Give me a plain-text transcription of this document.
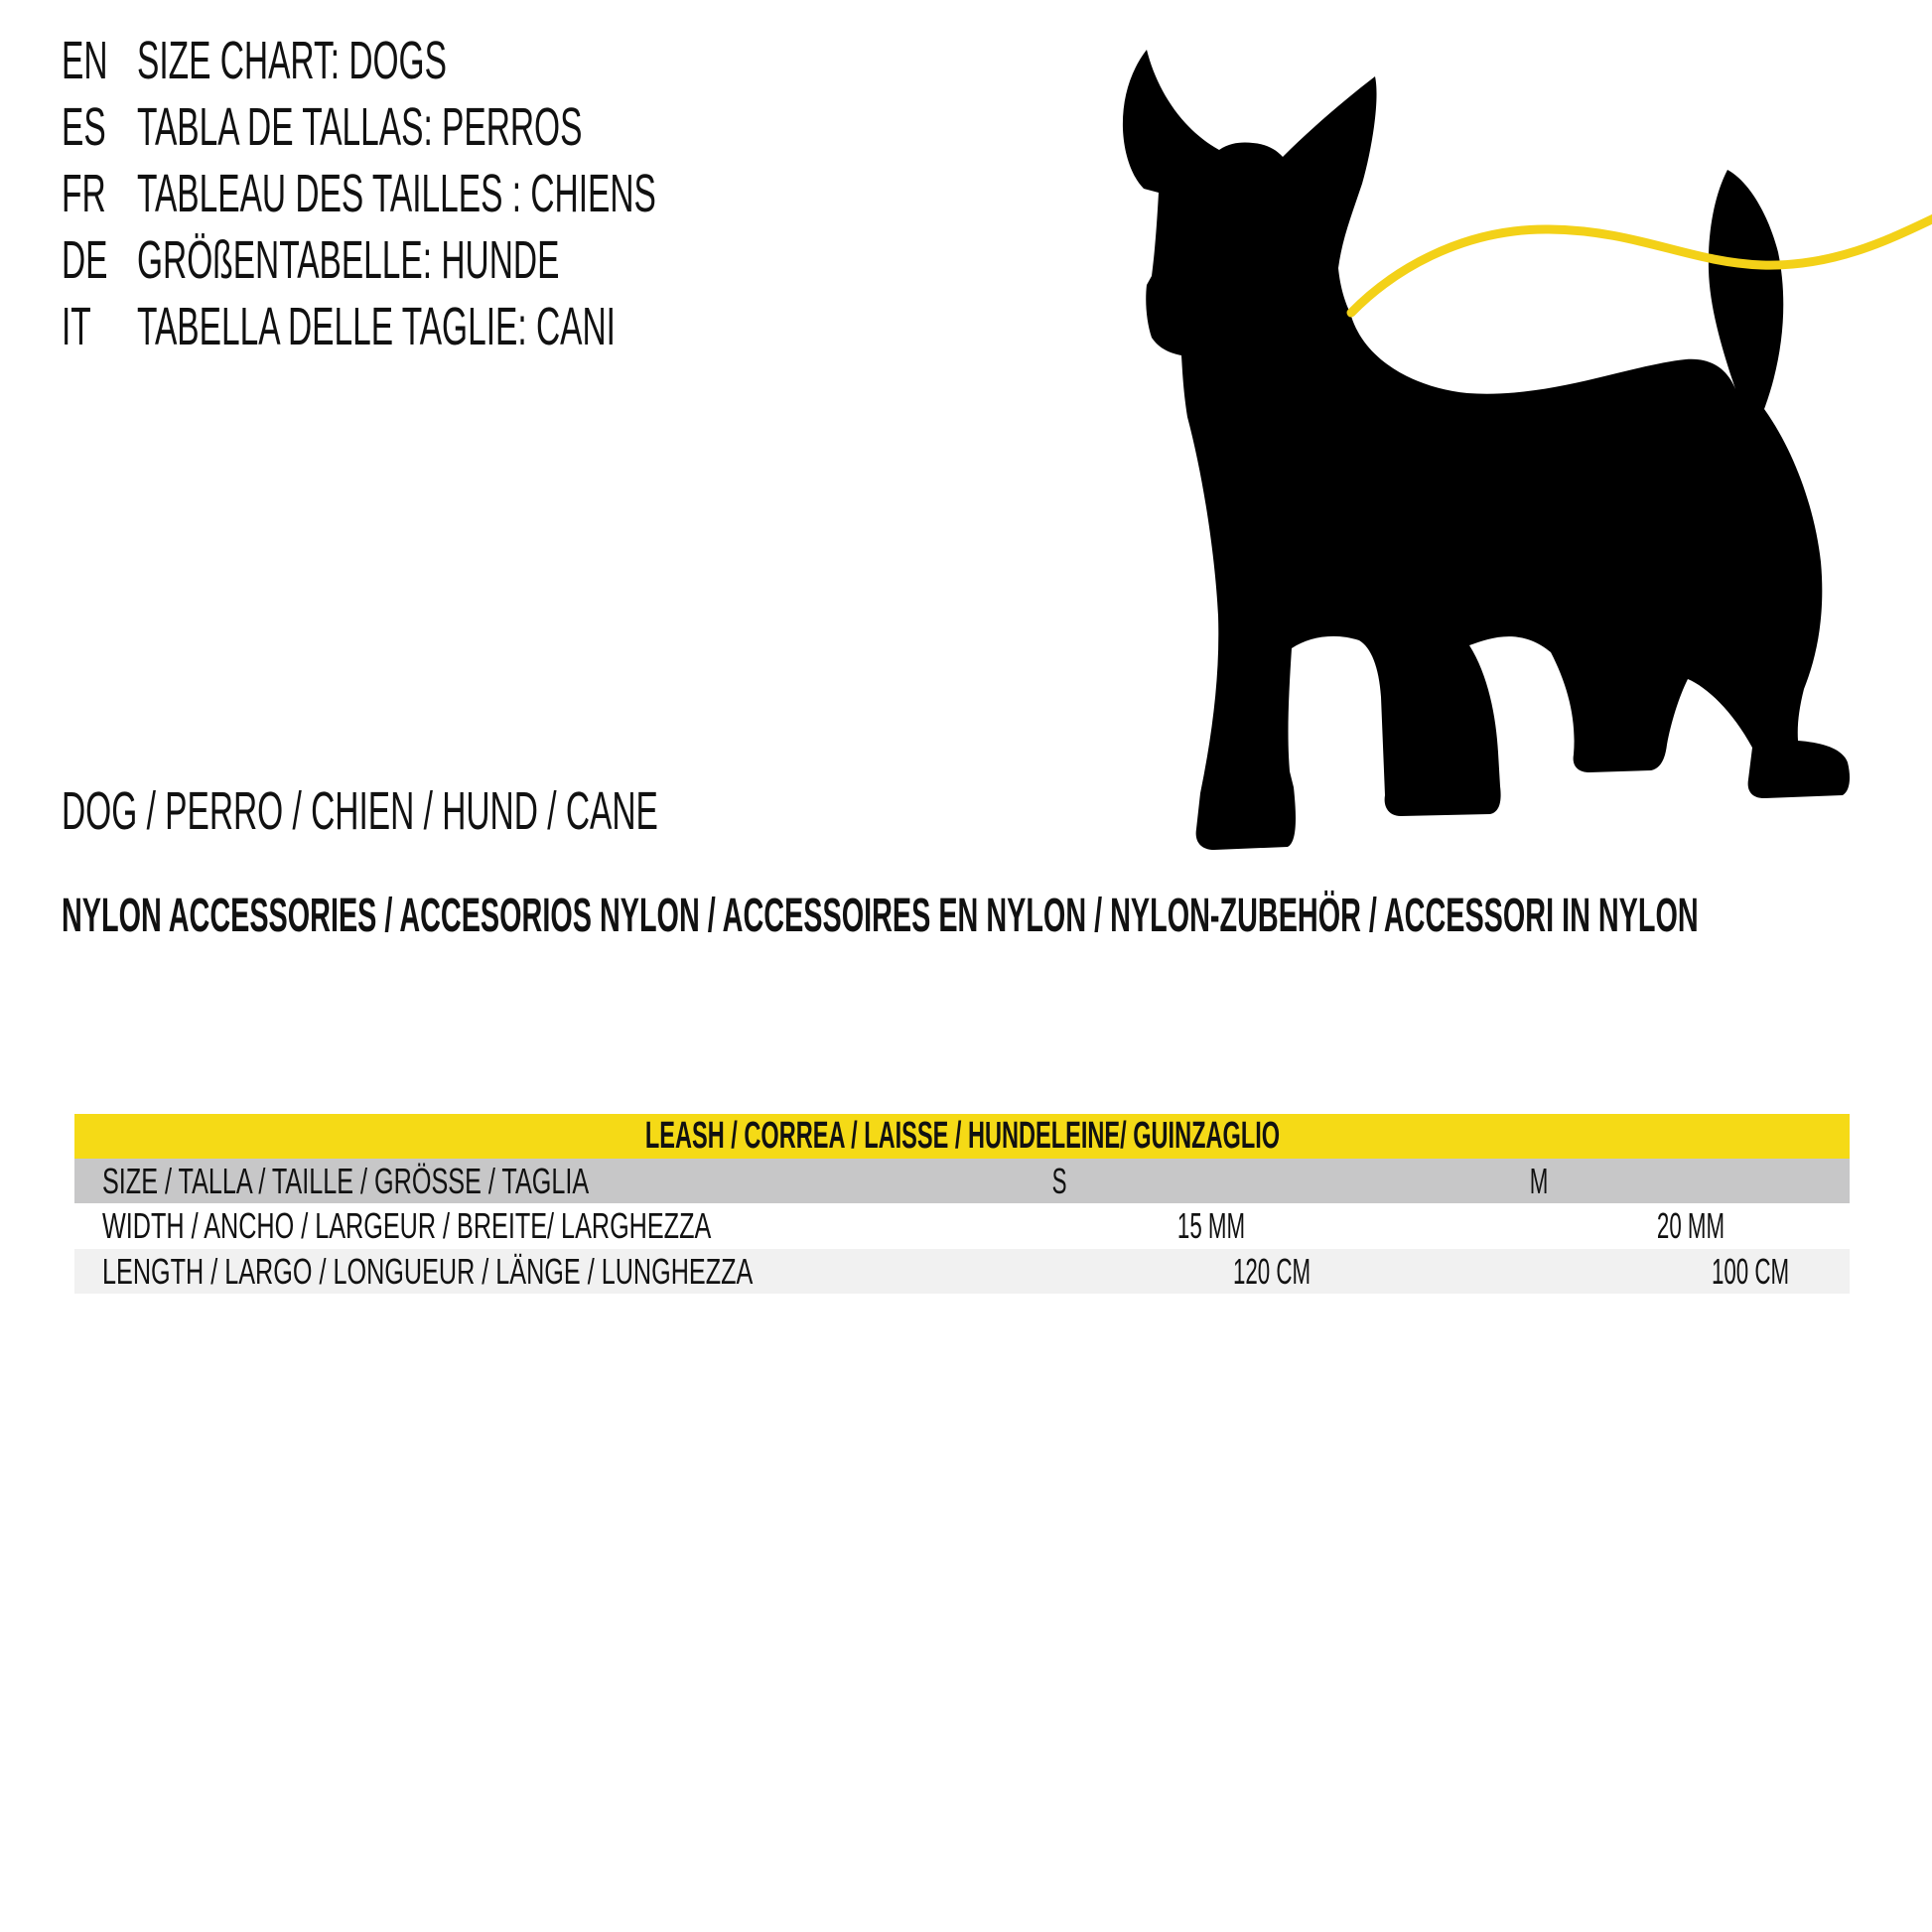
EN SIZE CHART: DOGS
ES TABLA DE TALLAS: PERROS
FR TABLEAU DES TAILLES : CHIENS
DE GRÖßENTABELLE: HUNDE
IT TABELLA DELLE TAGLIE: CANI
DOG / PERRO / CHIEN / HUND / CANE
NYLON ACCESSORIES / ACCESORIOS NYLON / ACCESSOIRES EN NYLON / NYLON-ZUBEHÖR / ACCESSORI IN NYLON
LEASH / CORREA / LAISSE / HUNDELEINE/ GUINZAGLIO
SIZE / TALLA / TAILLE / GRÖSSE / TAGLIA	S	M
WIDTH / ANCHO / LARGEUR / BREITE/ LARGHEZZA	15 MM	20 MM
LENGTH / LARGO / LONGUEUR / LÄNGE / LUNGHEZZA	120 CM	100 CM
